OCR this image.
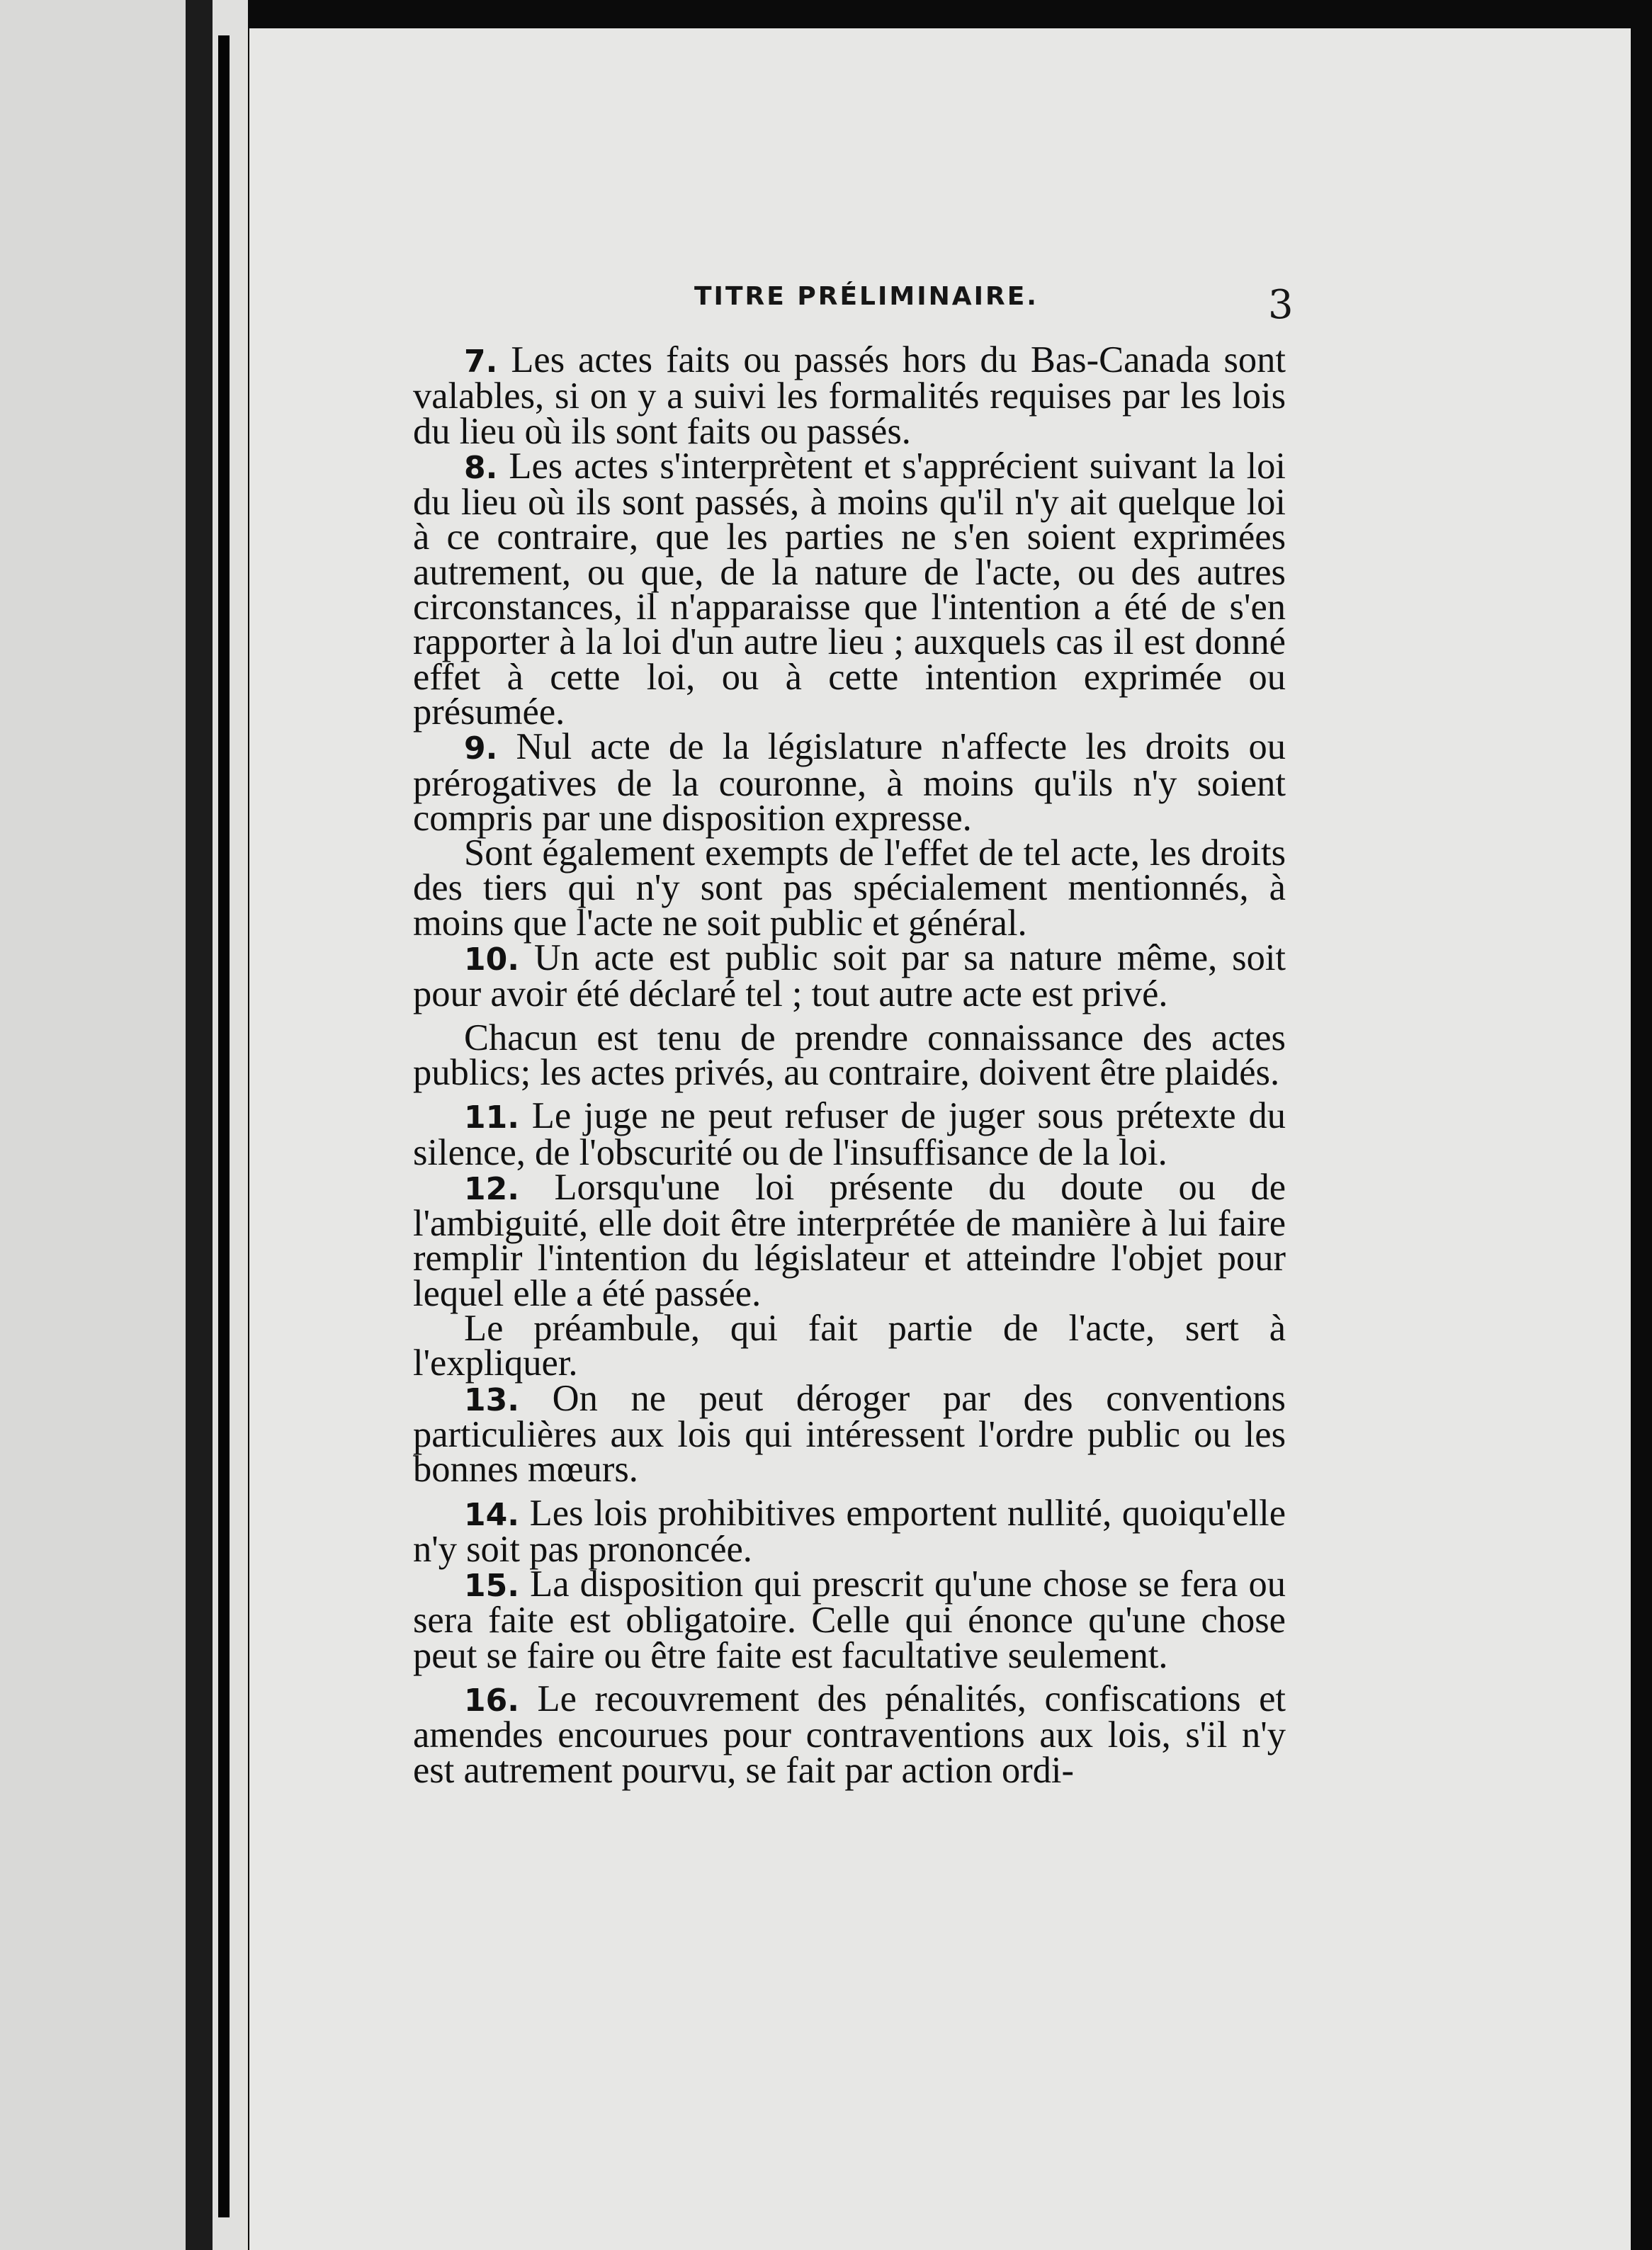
TITRE PRÉLIMINAIRE.	3

7. Les actes faits ou passés hors du Bas-Canada sont valables, si on y a suivi les formalités requises par les lois du lieu où ils sont faits ou passés.

8. Les actes s'interprètent et s'apprécient suivant la loi du lieu où ils sont passés, à moins qu'il n'y ait quelque loi à ce contraire, que les parties ne s'en soient exprimées autrement, ou que, de la nature de l'acte, ou des autres circonstances, il n'apparaisse que l'intention a été de s'en rapporter à la loi d'un autre lieu ; auxquels cas il est donné effet à cette loi, ou à cette intention exprimée ou présumée.

9. Nul acte de la législature n'affecte les droits ou prérogatives de la couronne, à moins qu'ils n'y soient compris par une disposition expresse.

Sont également exempts de l'effet de tel acte, les droits des tiers qui n'y sont pas spécialement mentionnés, à moins que l'acte ne soit public et général.

10. Un acte est public soit par sa nature même, soit pour avoir été déclaré tel ; tout autre acte est privé.

Chacun est tenu de prendre connaissance des actes publics; les actes privés, au contraire, doivent être plaidés.

11. Le juge ne peut refuser de juger sous prétexte du silence, de l'obscurité ou de l'insuffisance de la loi.

12. Lorsqu'une loi présente du doute ou de l'ambiguité, elle doit être interprétée de manière à lui faire remplir l'intention du législateur et atteindre l'objet pour lequel elle a été passée.

Le préambule, qui fait partie de l'acte, sert à l'expliquer.

13. On ne peut déroger par des conventions particulières aux lois qui intéressent l'ordre public ou les bonnes mœurs.

14. Les lois prohibitives emportent nullité, quoiqu'elle n'y soit pas prononcée.

15. La disposition qui prescrit qu'une chose se fera ou sera faite est obligatoire. Celle qui énonce qu'une chose peut se faire ou être faite est facultative seulement.

16. Le recouvrement des pénalités, confiscations et amendes encourues pour contraventions aux lois, s'il n'y est autrement pourvu, se fait par action ordi-
